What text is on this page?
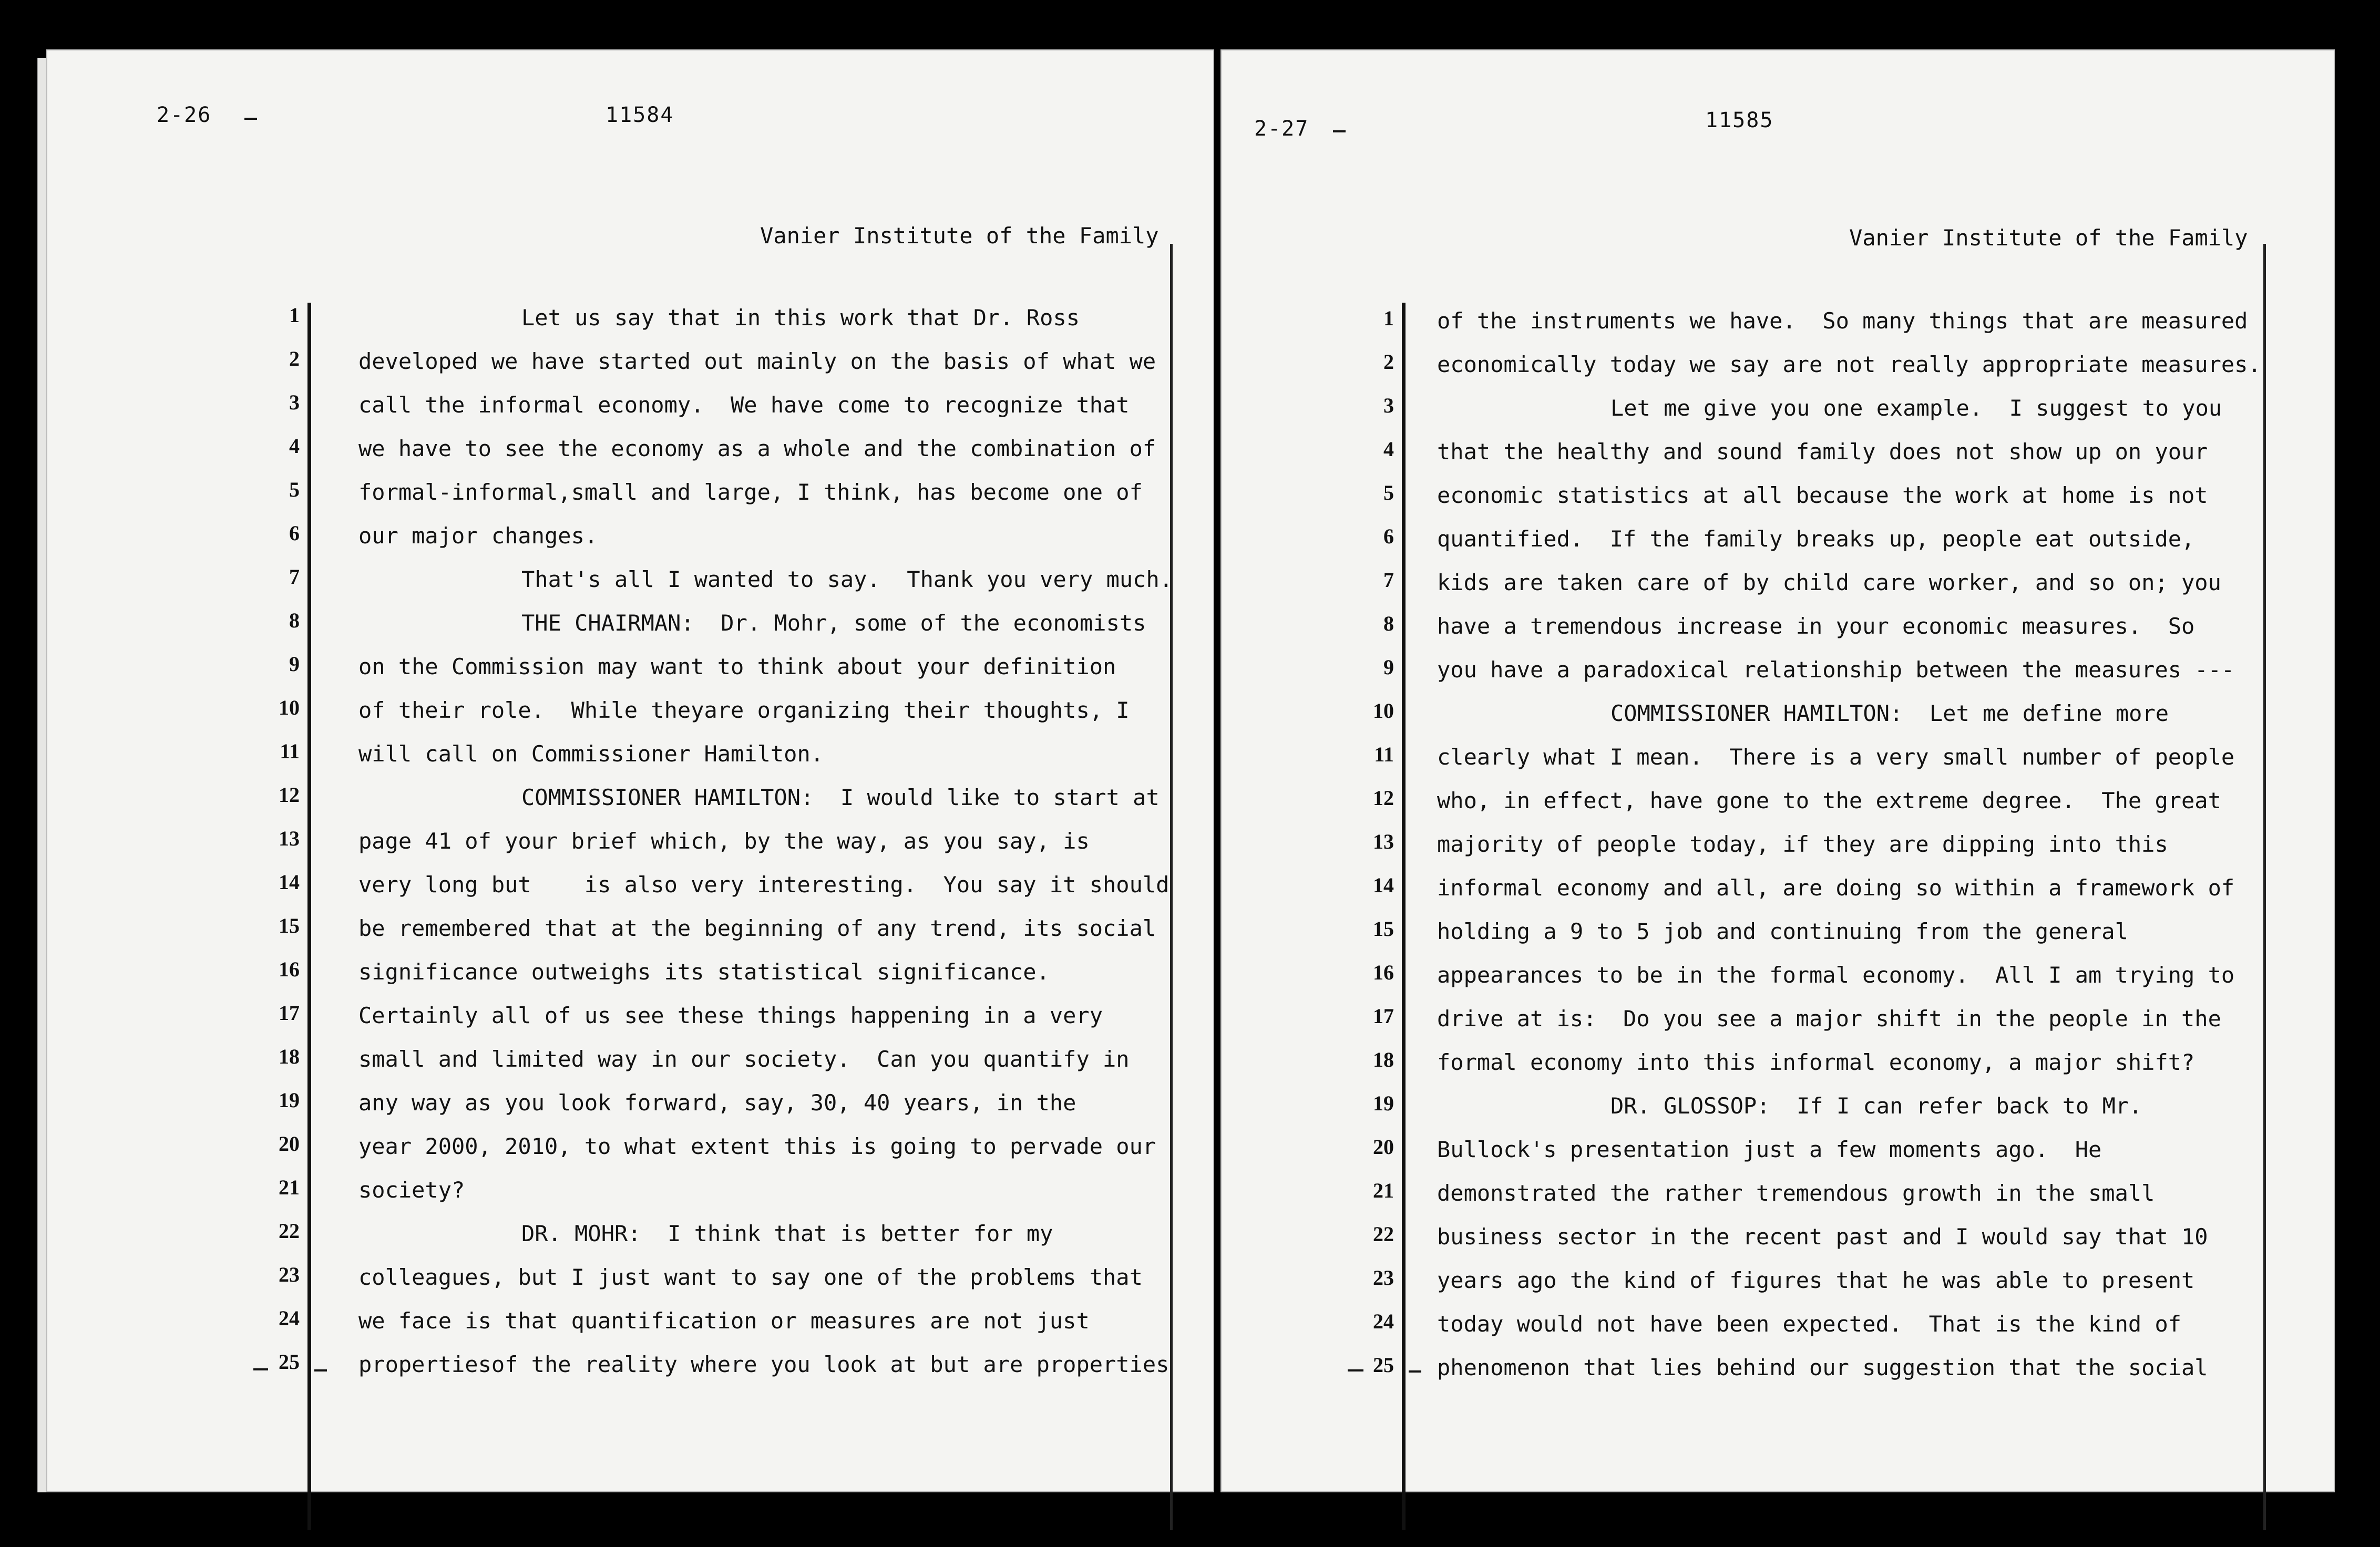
2-26	11584
Vanier Institute of the Family
1	Let us say that in this work that Dr. Ross
2	developed we have started out mainly on the basis of what we
3	call the informal economy.  We have come to recognize that
4	we have to see the economy as a whole and the combination of
5	formal-informal,small and large, I think, has become one of
6	our major changes.
7	That's all I wanted to say.  Thank you very much.
8	THE CHAIRMAN:  Dr. Mohr, some of the economists
9	on the Commission may want to think about your definition
10	of their role.  While theyare organizing their thoughts, I
11	will call on Commissioner Hamilton.
12	COMMISSIONER HAMILTON:  I would like to start at
13	page 41 of your brief which, by the way, as you say, is
14	very long but    is also very interesting.  You say it should
15	be remembered that at the beginning of any trend, its social
16	significance outweighs its statistical significance.
17	Certainly all of us see these things happening in a very
18	small and limited way in our society.  Can you quantify in
19	any way as you look forward, say, 30, 40 years, in the
20	year 2000, 2010, to what extent this is going to pervade our
21	society?
22	DR. MOHR:  I think that is better for my
23	colleagues, but I just want to say one of the problems that
24	we face is that quantification or measures are not just
25	propertiesof the reality where you look at but are properties
2-27	11585
Vanier Institute of the Family
1 of the instruments we have.  So many things that are measured
2 economically today we say are not really appropriate measures.
3	Let me give you one example.  I suggest to you
4 that the healthy and sound family does not show up on your
5 economic statistics at all because the work at home is not
6 quantified.  If the family breaks up, people eat outside,
7 kids are taken care of by child care worker, and so on; you
8 have a tremendous increase in your economic measures.  So
9 you have a paradoxical relationship between the measures ---
10	COMMISSIONER HAMILTON:  Let me define more
11 clearly what I mean.  There is a very small number of people
12 who, in effect, have gone to the extreme degree.  The great
13 majority of people today, if they are dipping into this
14 informal economy and all, are doing so within a framework of
15 holding a 9 to 5 job and continuing from the general
16 appearances to be in the formal economy.  All I am trying to
17 drive at is:  Do you see a major shift in the people in the
18 formal economy into this informal economy, a major shift?
19	DR. GLOSSOP:  If I can refer back to Mr.
20 Bullock's presentation just a few moments ago.  He
21 demonstrated the rather tremendous growth in the small
22 business sector in the recent past and I would say that 10
23 years ago the kind of figures that he was able to present
24 today would not have been expected.  That is the kind of
25 phenomenon that lies behind our suggestion that the social
